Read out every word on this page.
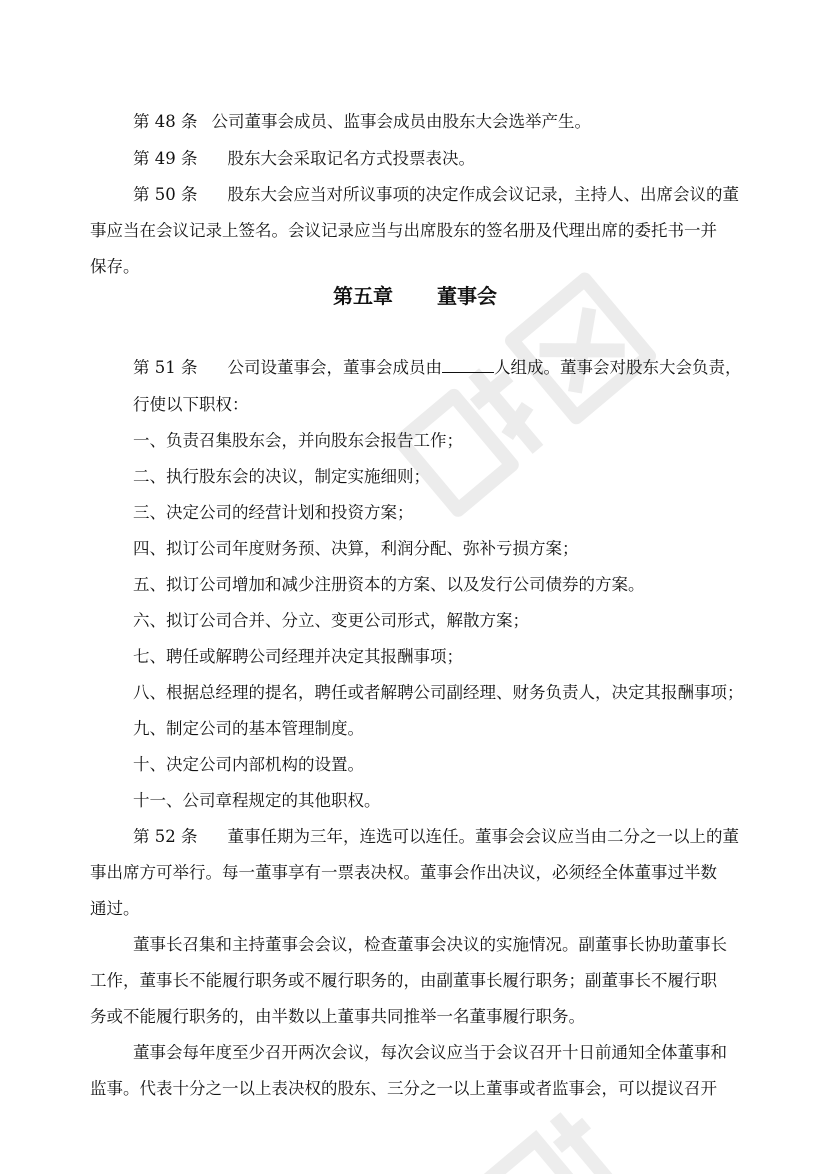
第 48 条 公司董事会成员、监事会成员由股东大会选举产生。
第 49 条 股东大会采取记名方式投票表决。
第 50 条 股东大会应当对所议事项的决定作成会议记录，主持人、出席会议的董
事应当在会议记录上签名。会议记录应当与出席股东的签名册及代理出席的委托书一并
保存。
第五章 董事会
第 51 条 公司设董事会，董事会成员由	人组成。董事会对股东大会负责，
行使以下职权：
一、负责召集股东会，并向股东会报告工作；
二、执行股东会的决议，制定实施细则；
三、决定公司的经营计划和投资方案；
四、拟订公司年度财务预、决算，利润分配、弥补亏损方案；
五、拟订公司增加和减少注册资本的方案、以及发行公司债券的方案。
六、拟订公司合并、分立、变更公司形式，解散方案；
七、聘任或解聘公司经理并决定其报酬事项；
八、根据总经理的提名，聘任或者解聘公司副经理、财务负责人，决定其报酬事项；
九、制定公司的基本管理制度。
十、决定公司内部机构的设置。
十一、公司章程规定的其他职权。
第 52 条 董事任期为三年，连选可以连任。董事会会议应当由二分之一以上的董
事出席方可举行。每一董事享有一票表决权。董事会作出决议，必须经全体董事过半数
通过。
董事长召集和主持董事会会议，检查董事会决议的实施情况。副董事长协助董事长
工作，董事长不能履行职务或不履行职务的，由副董事长履行职务；副董事长不履行职
务或不能履行职务的，由半数以上董事共同推举一名董事履行职务。
董事会每年度至少召开两次会议，每次会议应当于会议召开十日前通知全体董事和
监事。代表十分之一以上表决权的股东、三分之一以上董事或者监事会，可以提议召开
